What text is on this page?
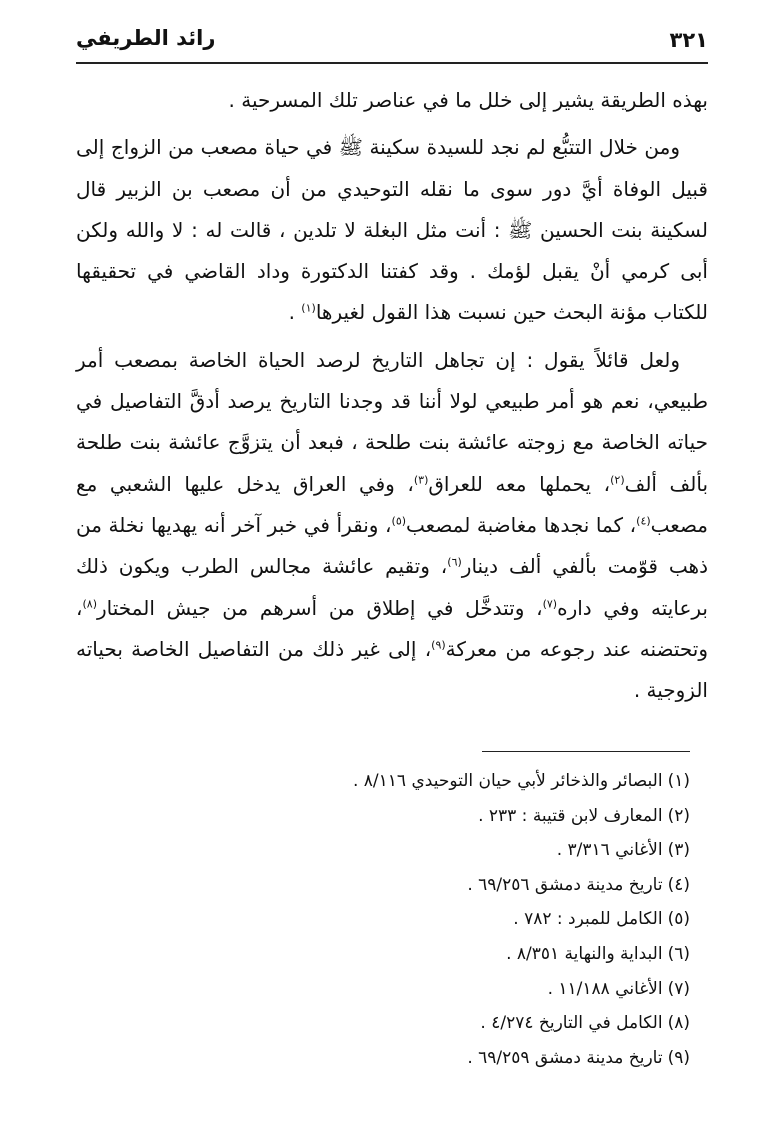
٣٢١
رائد الطريفي

بهذه الطريقة يشير إلى خلل ما في عناصر تلك المسرحية .

ومن خلال التتبُّع لم نجد للسيدة سكينة ﷺ في حياة مصعب من الزواج إلى قبيل الوفاة أيَّ دور سوى ما نقله التوحيدي من أن مصعب بن الزبير قال لسكينة بنت الحسين ﷺ : أنت مثل البغلة لا تلدين ، قالت له : لا والله ولكن أبى كرمي أنْ يقبل لؤمك . وقد كفتنا الدكتورة وداد القاضي في تحقيقها للكتاب مؤنة البحث حين نسبت هذا القول لغيرها$^{(١)}$ .

ولعل قائلاً يقول : إن تجاهل التاريخ لرصد الحياة الخاصة بمصعب أمر طبيعي، نعم هو أمر طبيعي لولا أننا قد وجدنا التاريخ يرصد أدقَّ التفاصيل في حياته الخاصة مع زوجته عائشة بنت طلحة ، فبعد أن يتزوَّج عائشة بنت طلحة بألف ألف$^{(٢)}$، يحملها معه للعراق$^{(٣)}$، وفي العراق يدخل عليها الشعبي مع مصعب$^{(٤)}$، كما نجدها مغاضبة لمصعب$^{(٥)}$، ونقرأ في خبر آخر أنه يهديها نخلة من ذهب قوّمت بألفي ألف دينار$^{(٦)}$، وتقيم عائشة مجالس الطرب ويكون ذلك برعايته وفي داره$^{(٧)}$، وتتدخَّل في إطلاق من أسرهم من جيش المختار$^{(٨)}$، وتحتضنه عند رجوعه من معركة$^{(٩)}$، إلى غير ذلك من التفاصيل الخاصة بحياته الزوجية .

(١)البصائر والذخائر لأبي حيان التوحيدي ٨/١١٦ .
(٢)المعارف لابن قتيبة : ٢٣٣ .
(٣)الأغاني ٣/٣١٦ .
(٤)تاريخ مدينة دمشق ٦٩/٢٥٦ .
(٥)الكامل للمبرد : ٧٨٢ .
(٦)البداية والنهاية ٨/٣٥١ .
(٧)الأغاني ١١/١٨٨ .
(٨)الكامل في التاريخ ٤/٢٧٤ .
(٩)تاريخ مدينة دمشق ٦٩/٢٥٩ .
